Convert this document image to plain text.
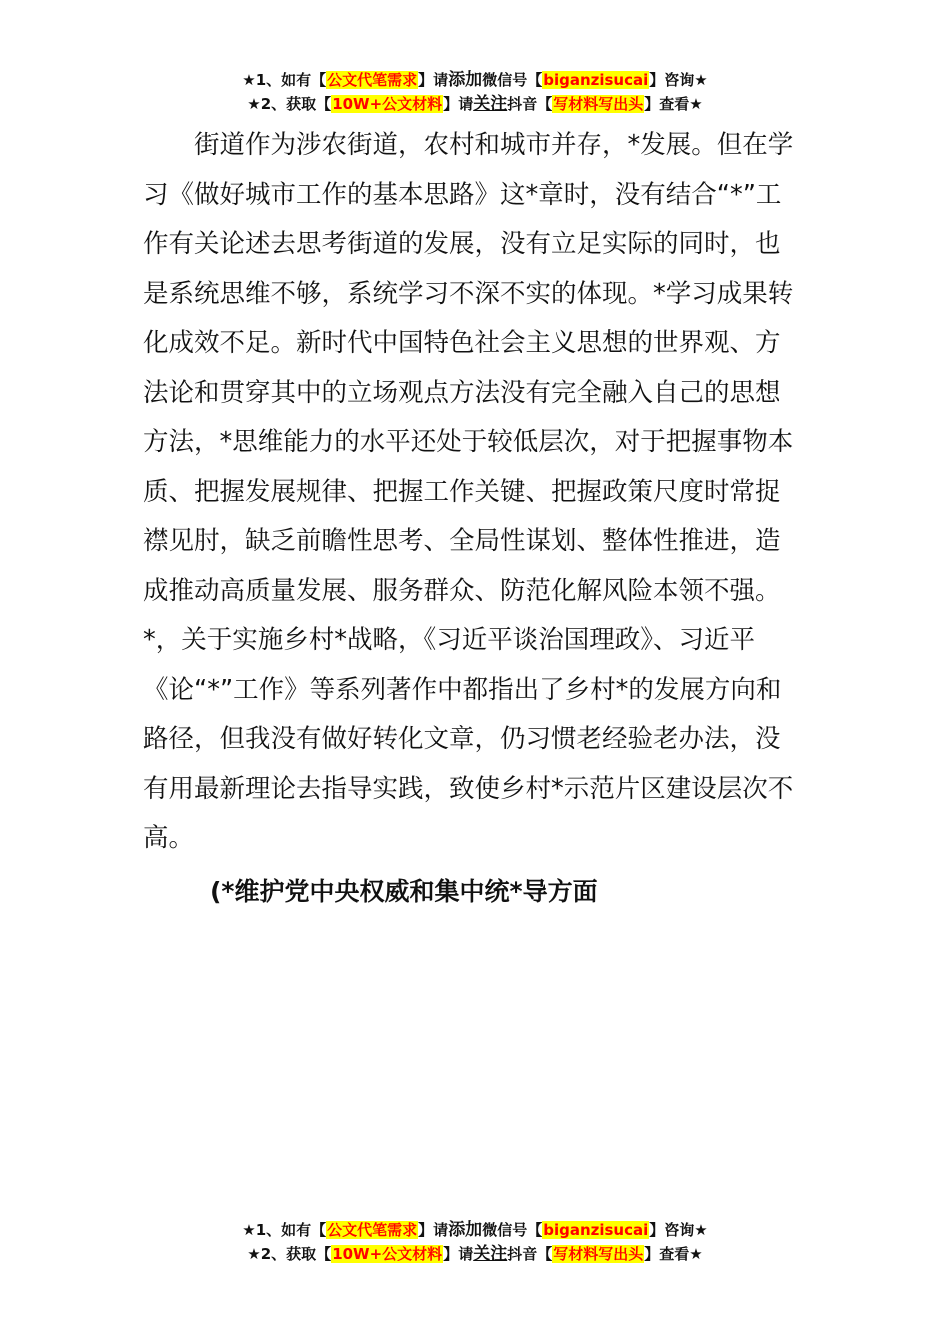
★1、如有【公文代笔需求】请添加微信号【biganzisucai】咨询★
★2、获取【10W+公文材料】请关注抖音【写材料写出头】查看★
　　街道作为涉农街道，农村和城市并存，*发展。但在学
习《做好城市工作的基本思路》这*章时，没有结合“*”工
作有关论述去思考街道的发展，没有立足实际的同时，也
是系统思维不够，系统学习不深不实的体现。*学习成果转
化成效不足。新时代中国特色社会主义思想的世界观、方
法论和贯穿其中的立场观点方法没有完全融入自己的思想
方法，*思维能力的水平还处于较低层次，对于把握事物本
质、把握发展规律、把握工作关键、把握政策尺度时常捉
襟见肘，缺乏前瞻性思考、全局性谋划、整体性推进，造
成推动高质量发展、服务群众、防范化解风险本领不强。
*，关于实施乡村*战略，《习近平谈治国理政》、习近平
《论“*”工作》等系列著作中都指出了乡村*的发展方向和
路径，但我没有做好转化文章，仍习惯老经验老办法，没
有用最新理论去指导实践，致使乡村*示范片区建设层次不
高。
(*维护党中央权威和集中统*导方面
★1、如有【公文代笔需求】请添加微信号【biganzisucai】咨询★
★2、获取【10W+公文材料】请关注抖音【写材料写出头】查看★
